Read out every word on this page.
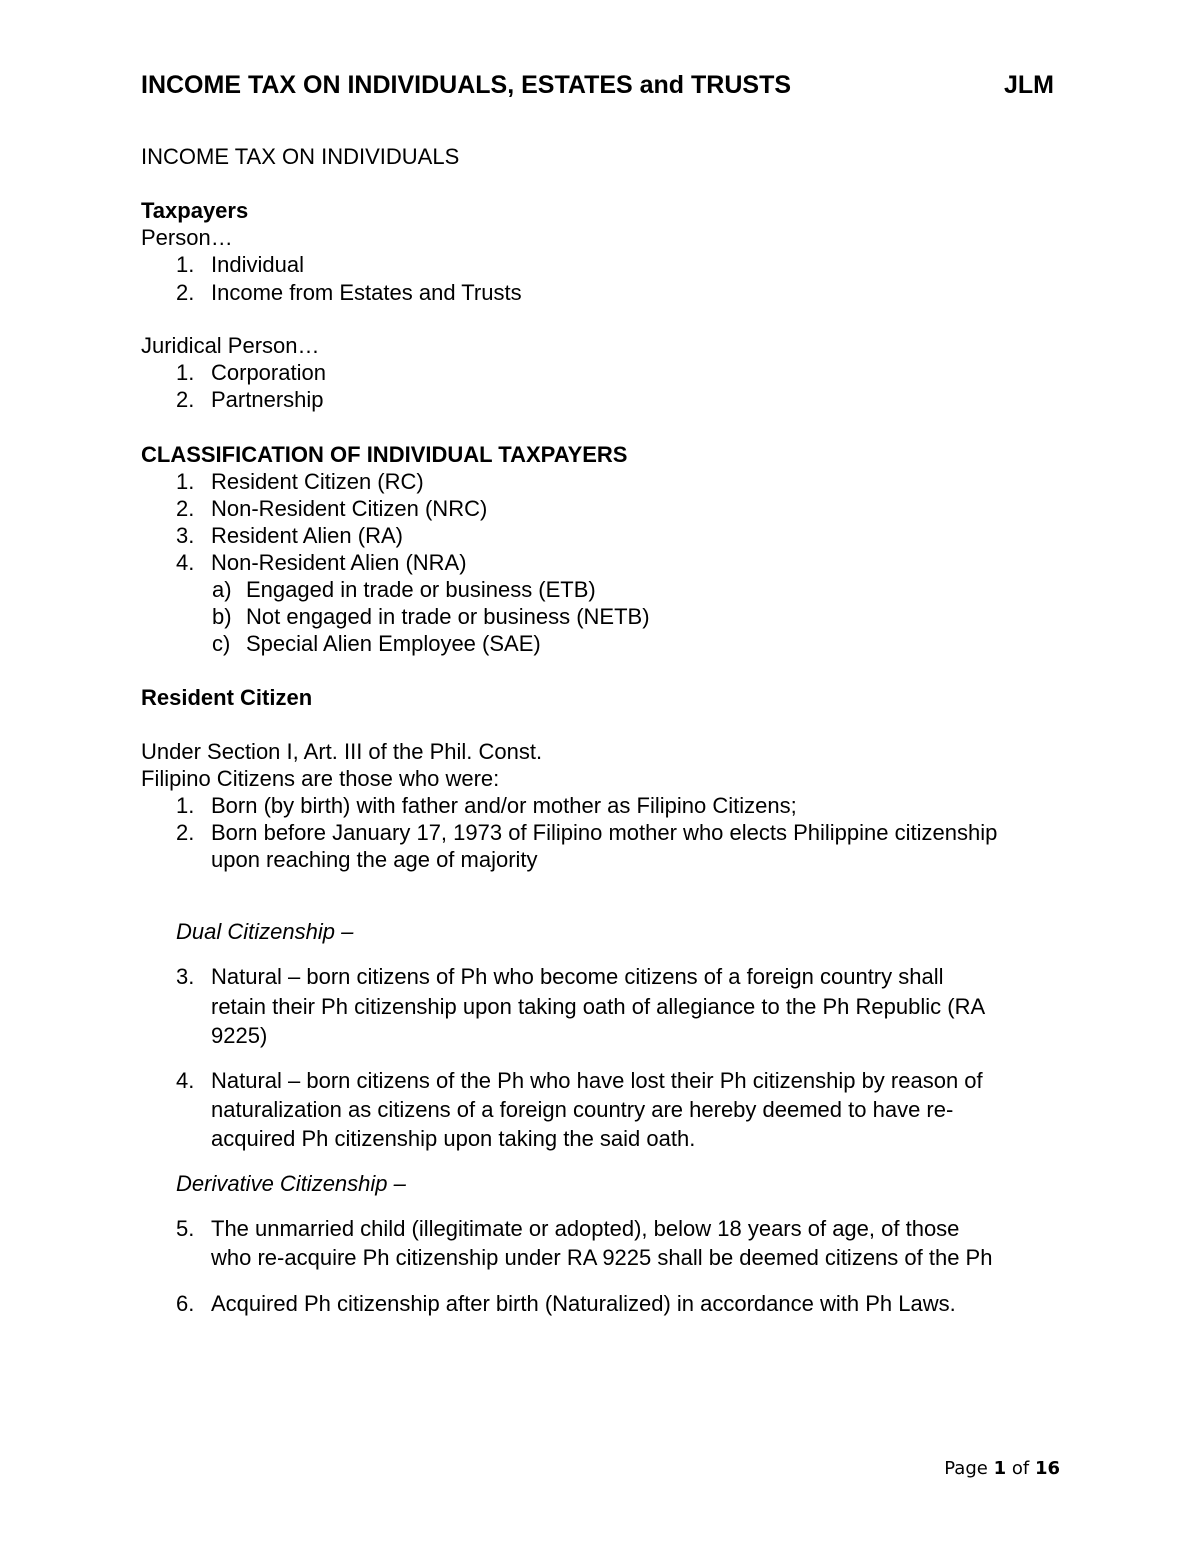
INCOME TAX ON INDIVIDUALS, ESTATES and TRUSTS	JLM
INCOME TAX ON INDIVIDUALS
Taxpayers
Person…
1. Individual
2. Income from Estates and Trusts
Juridical Person…
1. Corporation
2. Partnership
CLASSIFICATION OF INDIVIDUAL TAXPAYERS
1. Resident Citizen (RC)
2. Non-Resident Citizen (NRC)
3. Resident Alien (RA)
4. Non-Resident Alien (NRA)
a) Engaged in trade or business (ETB)
b) Not engaged in trade or business (NETB)
c) Special Alien Employee (SAE)
Resident Citizen
Under Section I, Art. III of the Phil. Const.
Filipino Citizens are those who were:
1. Born (by birth) with father and/or mother as Filipino Citizens;
2. Born before January 17, 1973 of Filipino mother who elects Philippine citizenship
upon reaching the age of majority
Dual Citizenship –
3. Natural – born citizens of Ph who become citizens of a foreign country shall
retain their Ph citizenship upon taking oath of allegiance to the Ph Republic (RA
9225)
4. Natural – born citizens of the Ph who have lost their Ph citizenship by reason of
naturalization as citizens of a foreign country are hereby deemed to have re-
acquired Ph citizenship upon taking the said oath.
Derivative Citizenship –
5. The unmarried child (illegitimate or adopted), below 18 years of age, of those
who re-acquire Ph citizenship under RA 9225 shall be deemed citizens of the Ph
6. Acquired Ph citizenship after birth (Naturalized) in accordance with Ph Laws.
Page 1 of 16
